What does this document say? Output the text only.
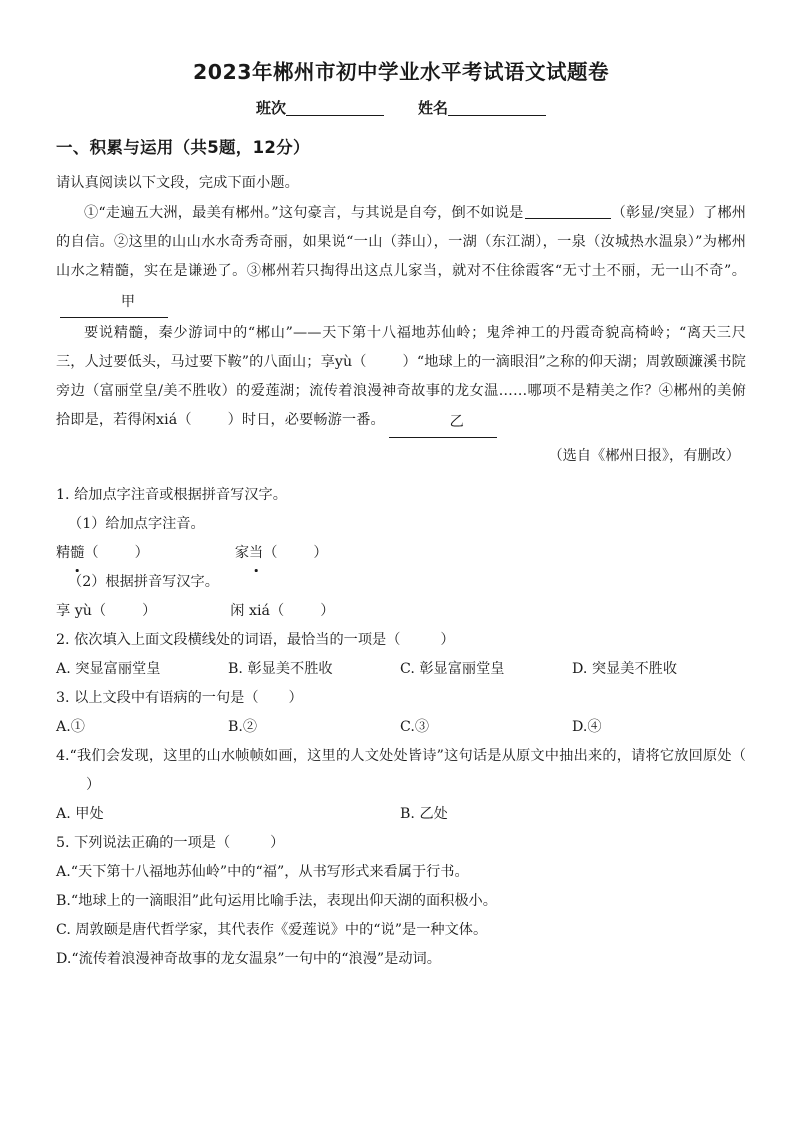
2023年郴州市初中学业水平考试语文试题卷
班次	姓名
一、积累与运用（共5题，12分）
请认真阅读以下文段，完成下面小题。
①“走遍五大洲，最美有郴州。”这句豪言，与其说是自夸，倒不如说是	（彰显/突显）了郴州的自信。②这里的山山水水奇秀奇丽，如果说“一山（莽山），一湖（东江湖），一泉（汝城热水温泉）”为郴州山水之精髓，实在是谦逊了。③郴州若只掏得出这点儿家当，就对不住徐霞客“无寸土不丽，无一山不奇”。甲
要说精髓，秦少游词中的“郴山”——天下第十八福地苏仙岭；鬼斧神工的丹霞奇貌高椅岭；“离天三尺三，人过要低头，马过要下鞍”的八面山；享yù（	）“地球上的一滴眼泪”之称的仰天湖；周敦颐濂溪书院旁边（富丽堂皇/美不胜收）的爱莲湖；流传着浪漫神奇故事的龙女温……哪项不是精美之作？④郴州的美俯拾即是，若得闲xiá（	）时日，必要畅游一番。	乙
（选自《郴州日报》，有删改）
1. 给加点字注音或根据拼音写汉字。
（1）给加点字注音。
精髓（	）	家当（	）
（2）根据拼音写汉字。
享 yù（	）	闲 xiá（	）
2. 依次填入上面文段横线处的词语，最恰当的一项是（	）
A. 突显富丽堂皇	B. 彰显美不胜收	C. 彰显富丽堂皇	D. 突显美不胜收
3. 以上文段中有语病的一句是（ ）
A.①	B.②	C.③	D.④
4.“我们会发现，这里的山水帧帧如画，这里的人文处处皆诗”这句话是从原文中抽出来的，请将它放回原处（）
A. 甲处	B. 乙处
5. 下列说法正确的一项是（	）
A.“天下第十八福地苏仙岭”中的“福”，从书写形式来看属于行书。
B.“地球上的一滴眼泪”此句运用比喻手法，表现出仰天湖的面积极小。
C. 周敦颐是唐代哲学家，其代表作《爱莲说》中的“说”是一种文体。
D.“流传着浪漫神奇故事的龙女温泉”一句中的“浪漫”是动词。
